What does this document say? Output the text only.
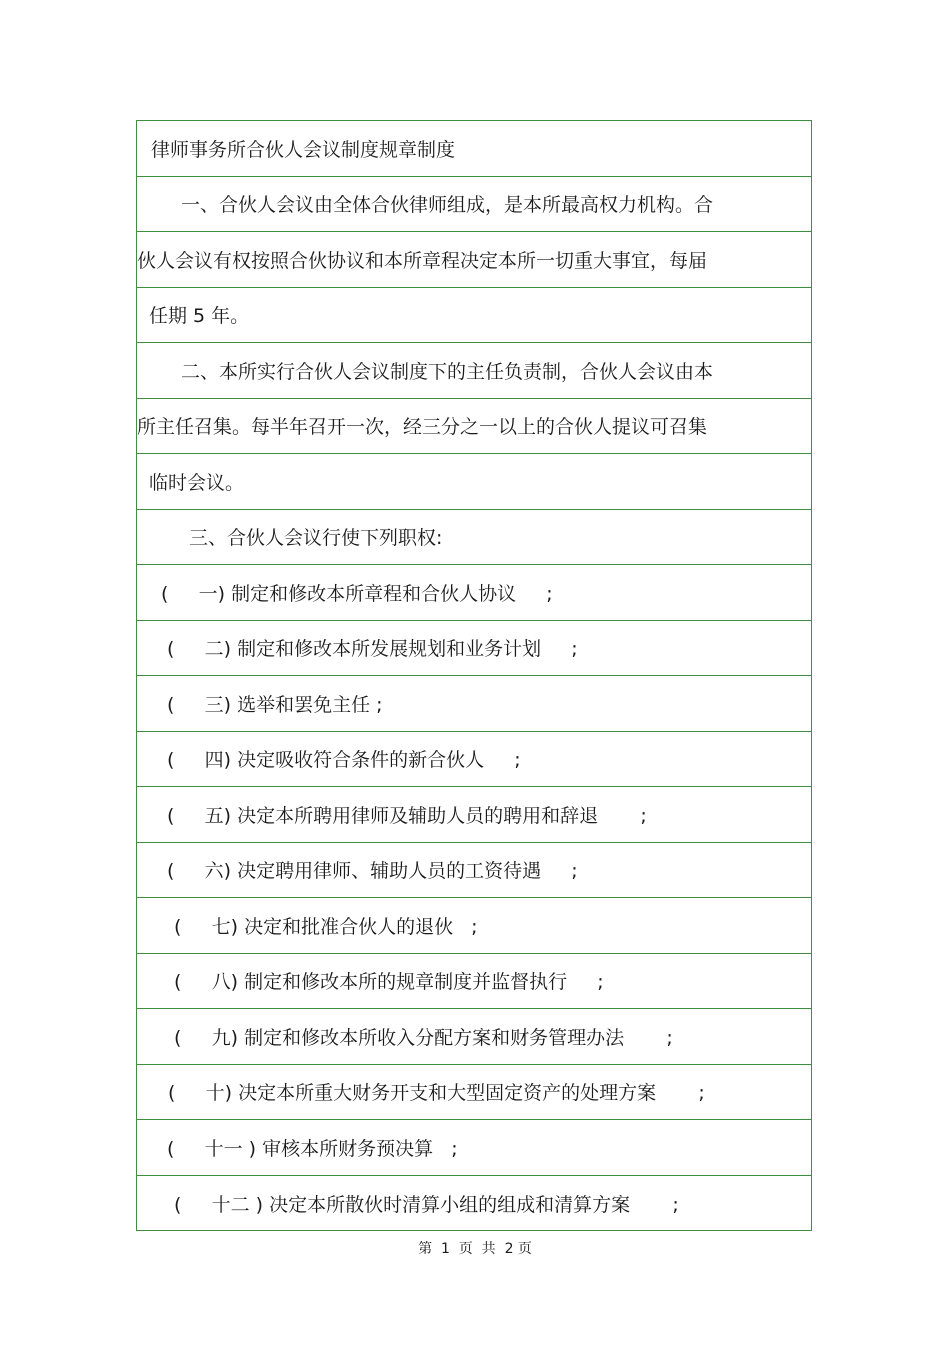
律师事务所合伙人会议制度规章制度
一、合伙人会议由全体合伙律师组成，是本所最高权力机构。合
伙人会议有权按照合伙协议和本所章程决定本所一切重大事宜，每届
任期 5 年。
二、本所实行合伙人会议制度下的主任负责制，合伙人会议由本
所主任召集。每半年召开一次，经三分之一以上的合伙人提议可召集
临时会议。
三、合伙人会议行使下列职权:
(     一) 制定和修改本所章程和合伙人协议     ;
(     二) 制定和修改本所发展规划和业务计划     ;
(     三) 选举和罢免主任 ;
(     四) 决定吸收符合条件的新合伙人     ;
(     五) 决定本所聘用律师及辅助人员的聘用和辞退       ;
(     六) 决定聘用律师、辅助人员的工资待遇     ;
(     七) 决定和批准合伙人的退伙   ;
(     八) 制定和修改本所的规章制度并监督执行     ;
(     九) 制定和修改本所收入分配方案和财务管理办法       ;
(     十) 决定本所重大财务开支和大型固定资产的处理方案       ;
(     十一 ) 审核本所财务预决算   ;
(     十二 ) 决定本所散伙时清算小组的组成和清算方案       ;
第  1  页  共  2 页
